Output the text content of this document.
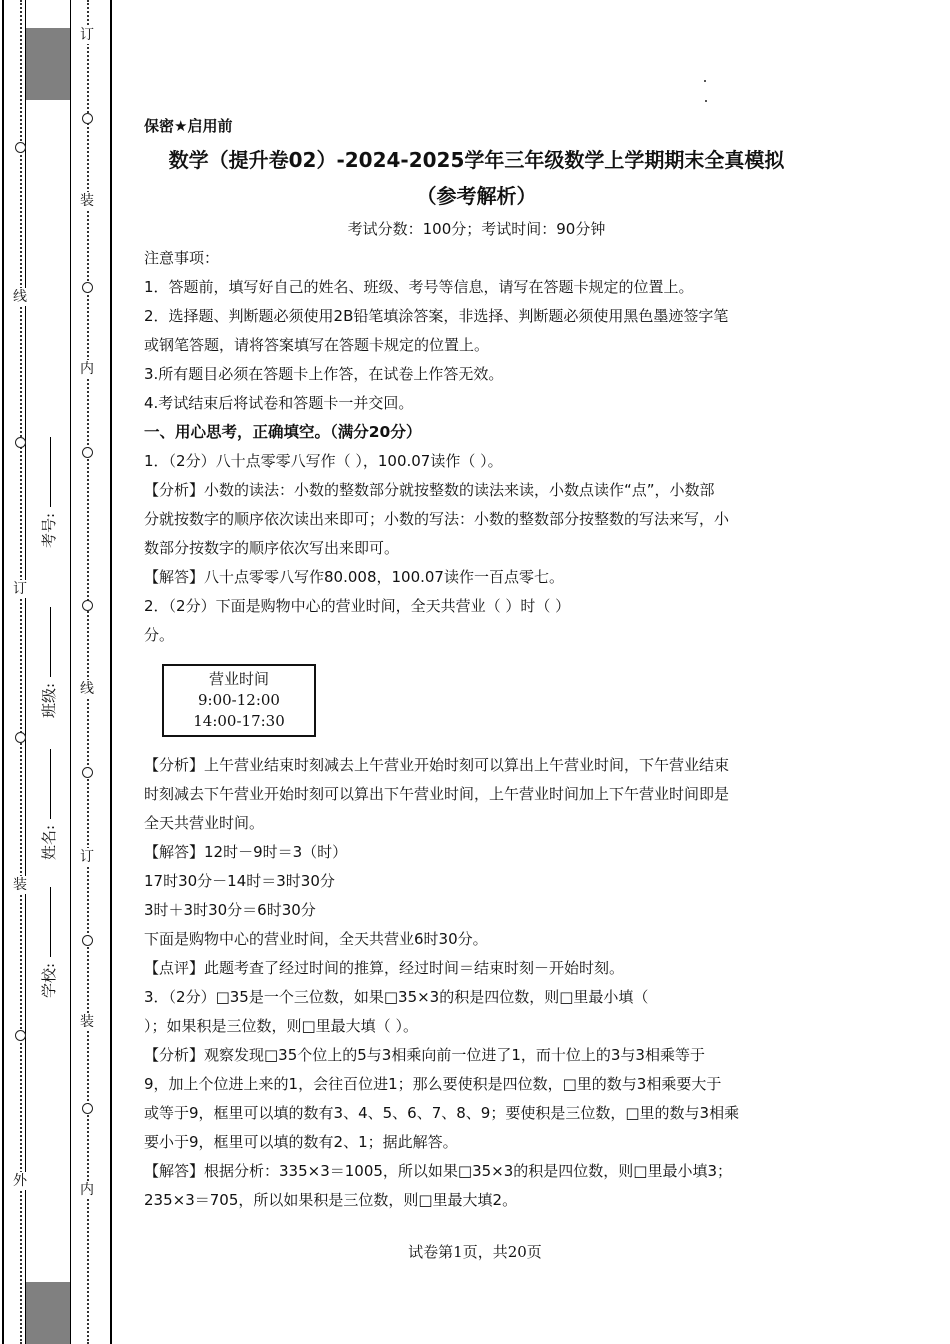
线
订
装
外
订
装
内
线
订
装
内
考号:
班级:
姓名:
学校:
保密★启用前
数学（提升卷02）-2024-2025学年三年级数学上学期期末全真模拟
（参考解析）
考试分数：100分；考试时间：90分钟
注意事项：
1．答题前，填写好自己的姓名、班级、考号等信息，请写在答题卡规定的位置上。
2．选择题、判断题必须使用2B铅笔填涂答案，非选择、判断题必须使用黑色墨迹签字笔
或钢笔答题，请将答案填写在答题卡规定的位置上。
3.所有题目必须在答题卡上作答，在试卷上作答无效。
4.考试结束后将试卷和答题卡一并交回。
一、用心思考，正确填空。（满分20分）
1．（2分）八十点零零八写作（ ），100.07读作（ ）。
【分析】小数的读法：小数的整数部分就按整数的读法来读，小数点读作“点”，小数部
分就按数字的顺序依次读出来即可；小数的写法：小数的整数部分按整数的写法来写，小
数部分按数字的顺序依次写出来即可。
【解答】八十点零零八写作80.008，100.07读作一百点零七。
2．（2分）下面是购物中心的营业时间，全天共营业（ ）时（ ）
分。
营业时间
9:00-12:00
14:00-17:30
【分析】上午营业结束时刻减去上午营业开始时刻可以算出上午营业时间，下午营业结束
时刻减去下午营业开始时刻可以算出下午营业时间，上午营业时间加上下午营业时间即是
全天共营业时间。
【解答】12时－9时＝3（时）
17时30分－14时＝3时30分
3时＋3时30分＝6时30分
下面是购物中心的营业时间，全天共营业6时30分。
【点评】此题考查了经过时间的推算，经过时间＝结束时刻－开始时刻。
3．（2分）□35是一个三位数，如果□35×3的积是四位数，则□里最小填（
）；如果积是三位数，则□里最大填（ ）。
【分析】观察发现□35个位上的5与3相乘向前一位进了1，而十位上的3与3相乘等于
9，加上个位进上来的1，会往百位进1；那么要使积是四位数，□里的数与3相乘要大于
或等于9，框里可以填的数有3、4、5、6、7、8、9；要使积是三位数，□里的数与3相乘
要小于9，框里可以填的数有2、1；据此解答。
【解答】根据分析：335×3＝1005，所以如果□35×3的积是四位数，则□里最小填3；
235×3＝705，所以如果积是三位数，则□里最大填2。
试卷第1页，共20页
